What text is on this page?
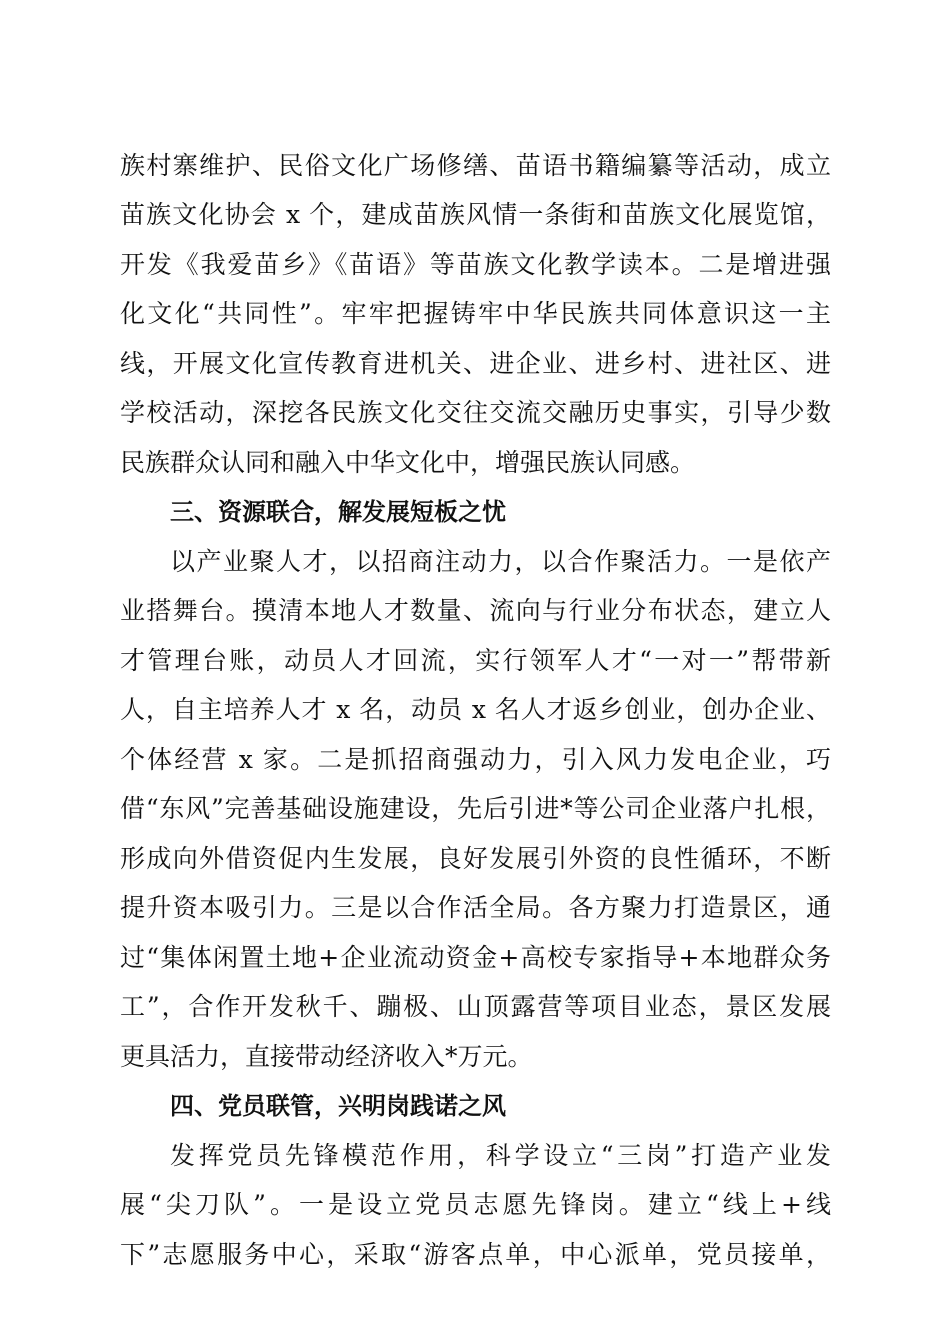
族村寨维护、民俗文化广场修缮、苗语书籍编纂等活动，成立
苗族文化协会 x 个，建成苗族风情一条街和苗族文化展览馆，
开发《我爱苗乡》《苗语》等苗族文化教学读本。二是增进强
化文化“共同性”。牢牢把握铸牢中华民族共同体意识这一主
线，开展文化宣传教育进机关、进企业、进乡村、进社区、进
学校活动，深挖各民族文化交往交流交融历史事实，引导少数
民族群众认同和融入中华文化中，增强民族认同感。
三、资源联合，解发展短板之忧
以产业聚人才，以招商注动力，以合作聚活力。一是依产
业搭舞台。摸清本地人才数量、流向与行业分布状态，建立人
才管理台账，动员人才回流，实行领军人才“一对一”帮带新
人，自主培养人才 x 名，动员 x 名人才返乡创业，创办企业、
个体经营 x 家。二是抓招商强动力，引入风力发电企业，巧
借“东风”完善基础设施建设，先后引进*等公司企业落户扎根，
形成向外借资促内生发展，良好发展引外资的良性循环，不断
提升资本吸引力。三是以合作活全局。各方聚力打造景区，通
过“集体闲置土地+企业流动资金+高校专家指导+本地群众务
工”，合作开发秋千、蹦极、山顶露营等项目业态，景区发展
更具活力，直接带动经济收入*万元。
四、党员联管，兴明岗践诺之风
发挥党员先锋模范作用，科学设立“三岗”打造产业发
展“尖刀队”。一是设立党员志愿先锋岗。建立“线上+线
下”志愿服务中心，采取“游客点单，中心派单，党员接单，
